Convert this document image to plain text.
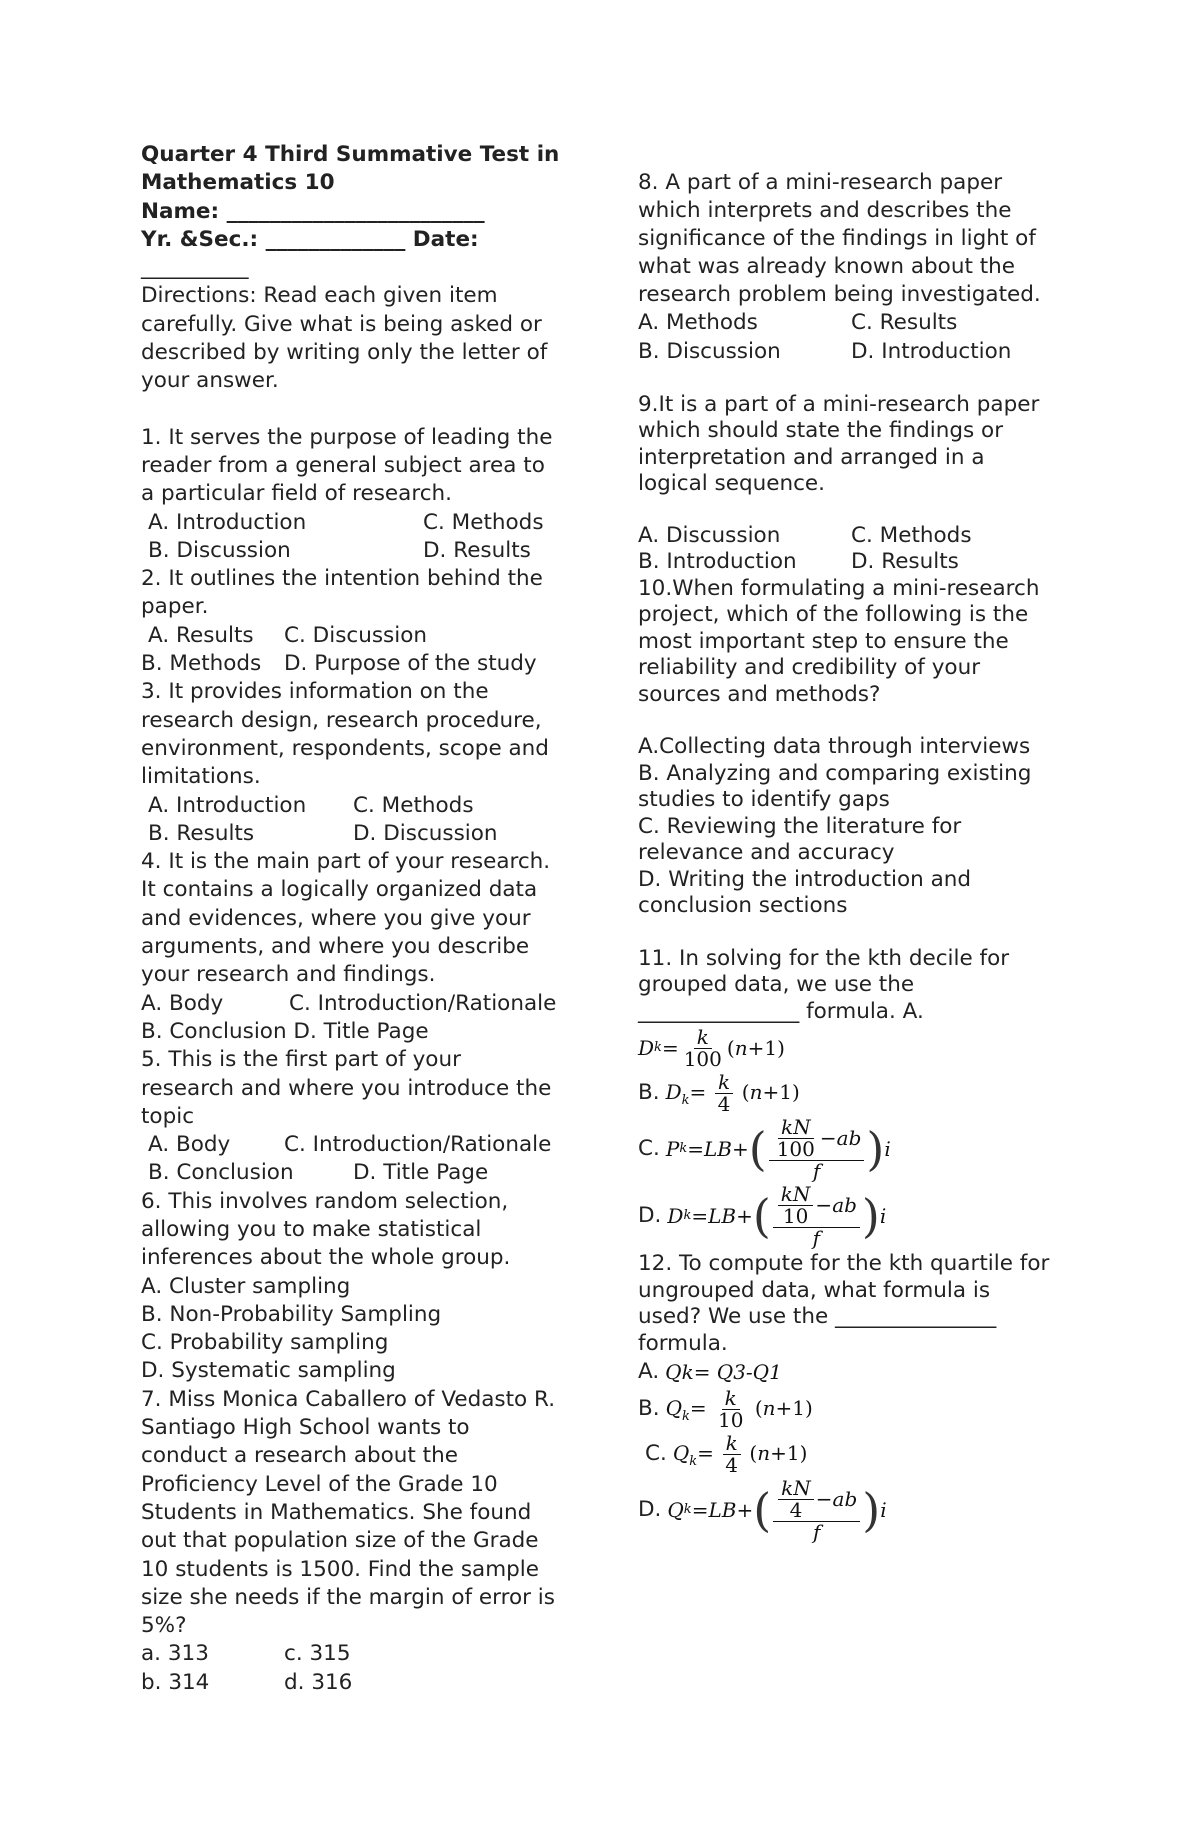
Quarter 4 Third Summative Test in

Mathematics 10

Name: ________________________

Yr. &Sec.: _____________ Date:

__________

Directions: Read each given item

carefully. Give what is being asked or

described by writing only the letter of

your answer.

1. It serves the purpose of leading the

reader from a general subject area to

a particular field of research.

A. Introduction	C. Methods
B. Discussion	D. Results

2. It outlines the intention behind the

paper.

A. Results	C. Discussion
B. Methods	D. Purpose of the study

3. It provides information on the

research design, research procedure,

environment, respondents, scope and

limitations.

A. Introduction	C. Methods
B. Results	D. Discussion

4. It is the main part of your research.

It contains a logically organized data

and evidences, where you give your

arguments, and where you describe

your research and findings.

A. Body	C. Introduction/Rationale

B. Conclusion D. Title Page

5. This is the first part of your

research and where you introduce the

topic

A. Body	C. Introduction/Rationale
B. Conclusion	D. Title Page

6. This involves random selection,

allowing you to make statistical

inferences about the whole group.

A. Cluster sampling

B. Non-Probability Sampling

C. Probability sampling

D. Systematic sampling

7. Miss Monica Caballero of Vedasto R.

Santiago High School wants to

conduct a research about the

Proficiency Level of the Grade 10

Students in Mathematics. She found

out that population size of the Grade

10 students is 1500. Find the sample

size she needs if the margin of error is

5%?

a. 313	c. 315
b. 314	d. 316

8. A part of a mini-research paper

which interprets and describes the

significance of the findings in light of

what was already known about the

research problem being investigated.

A. Methods	C. Results
B. Discussion	D. Introduction

9.It is a part of a mini-research paper

which should state the findings or

interpretation and arranged in a

logical sequence.

A. Discussion	C. Methods
B. Introduction	D. Results

10.When formulating a mini-research

project, which of the following is the

most important step to ensure the

reliability and credibility of your

sources and methods?

A.Collecting data through interviews

B. Analyzing and comparing existing

studies to identify gaps

C. Reviewing the literature for

relevance and accuracy

D. Writing the introduction and

conclusion sections

11. In solving for the kth decile for

grouped data, we use the

_______________ formula. A.

D $k = \frac{k}{100}$ ( n + 1 )
B. $D_k= \frac{k}{4} (n+1)$
C. P k = LB + ( $\frac{\frac{kN}{100} - ab}{f}$ ) i
D. D k = LB + ( $\frac{\frac{kN}{10} - ab}{f}$ ) i

12. To compute for the kth quartile for

ungrouped data, what formula is

used? We use the _______________

formula.

A. Qk= Q3-Q1
B. $Q_k= \frac{k}{10} (n+1)$
C. $Q_k= \frac{k}{4} (n+1)$
D. Q k = LB + ( $\frac{\frac{kN}{4} - ab}{f}$ ) i
